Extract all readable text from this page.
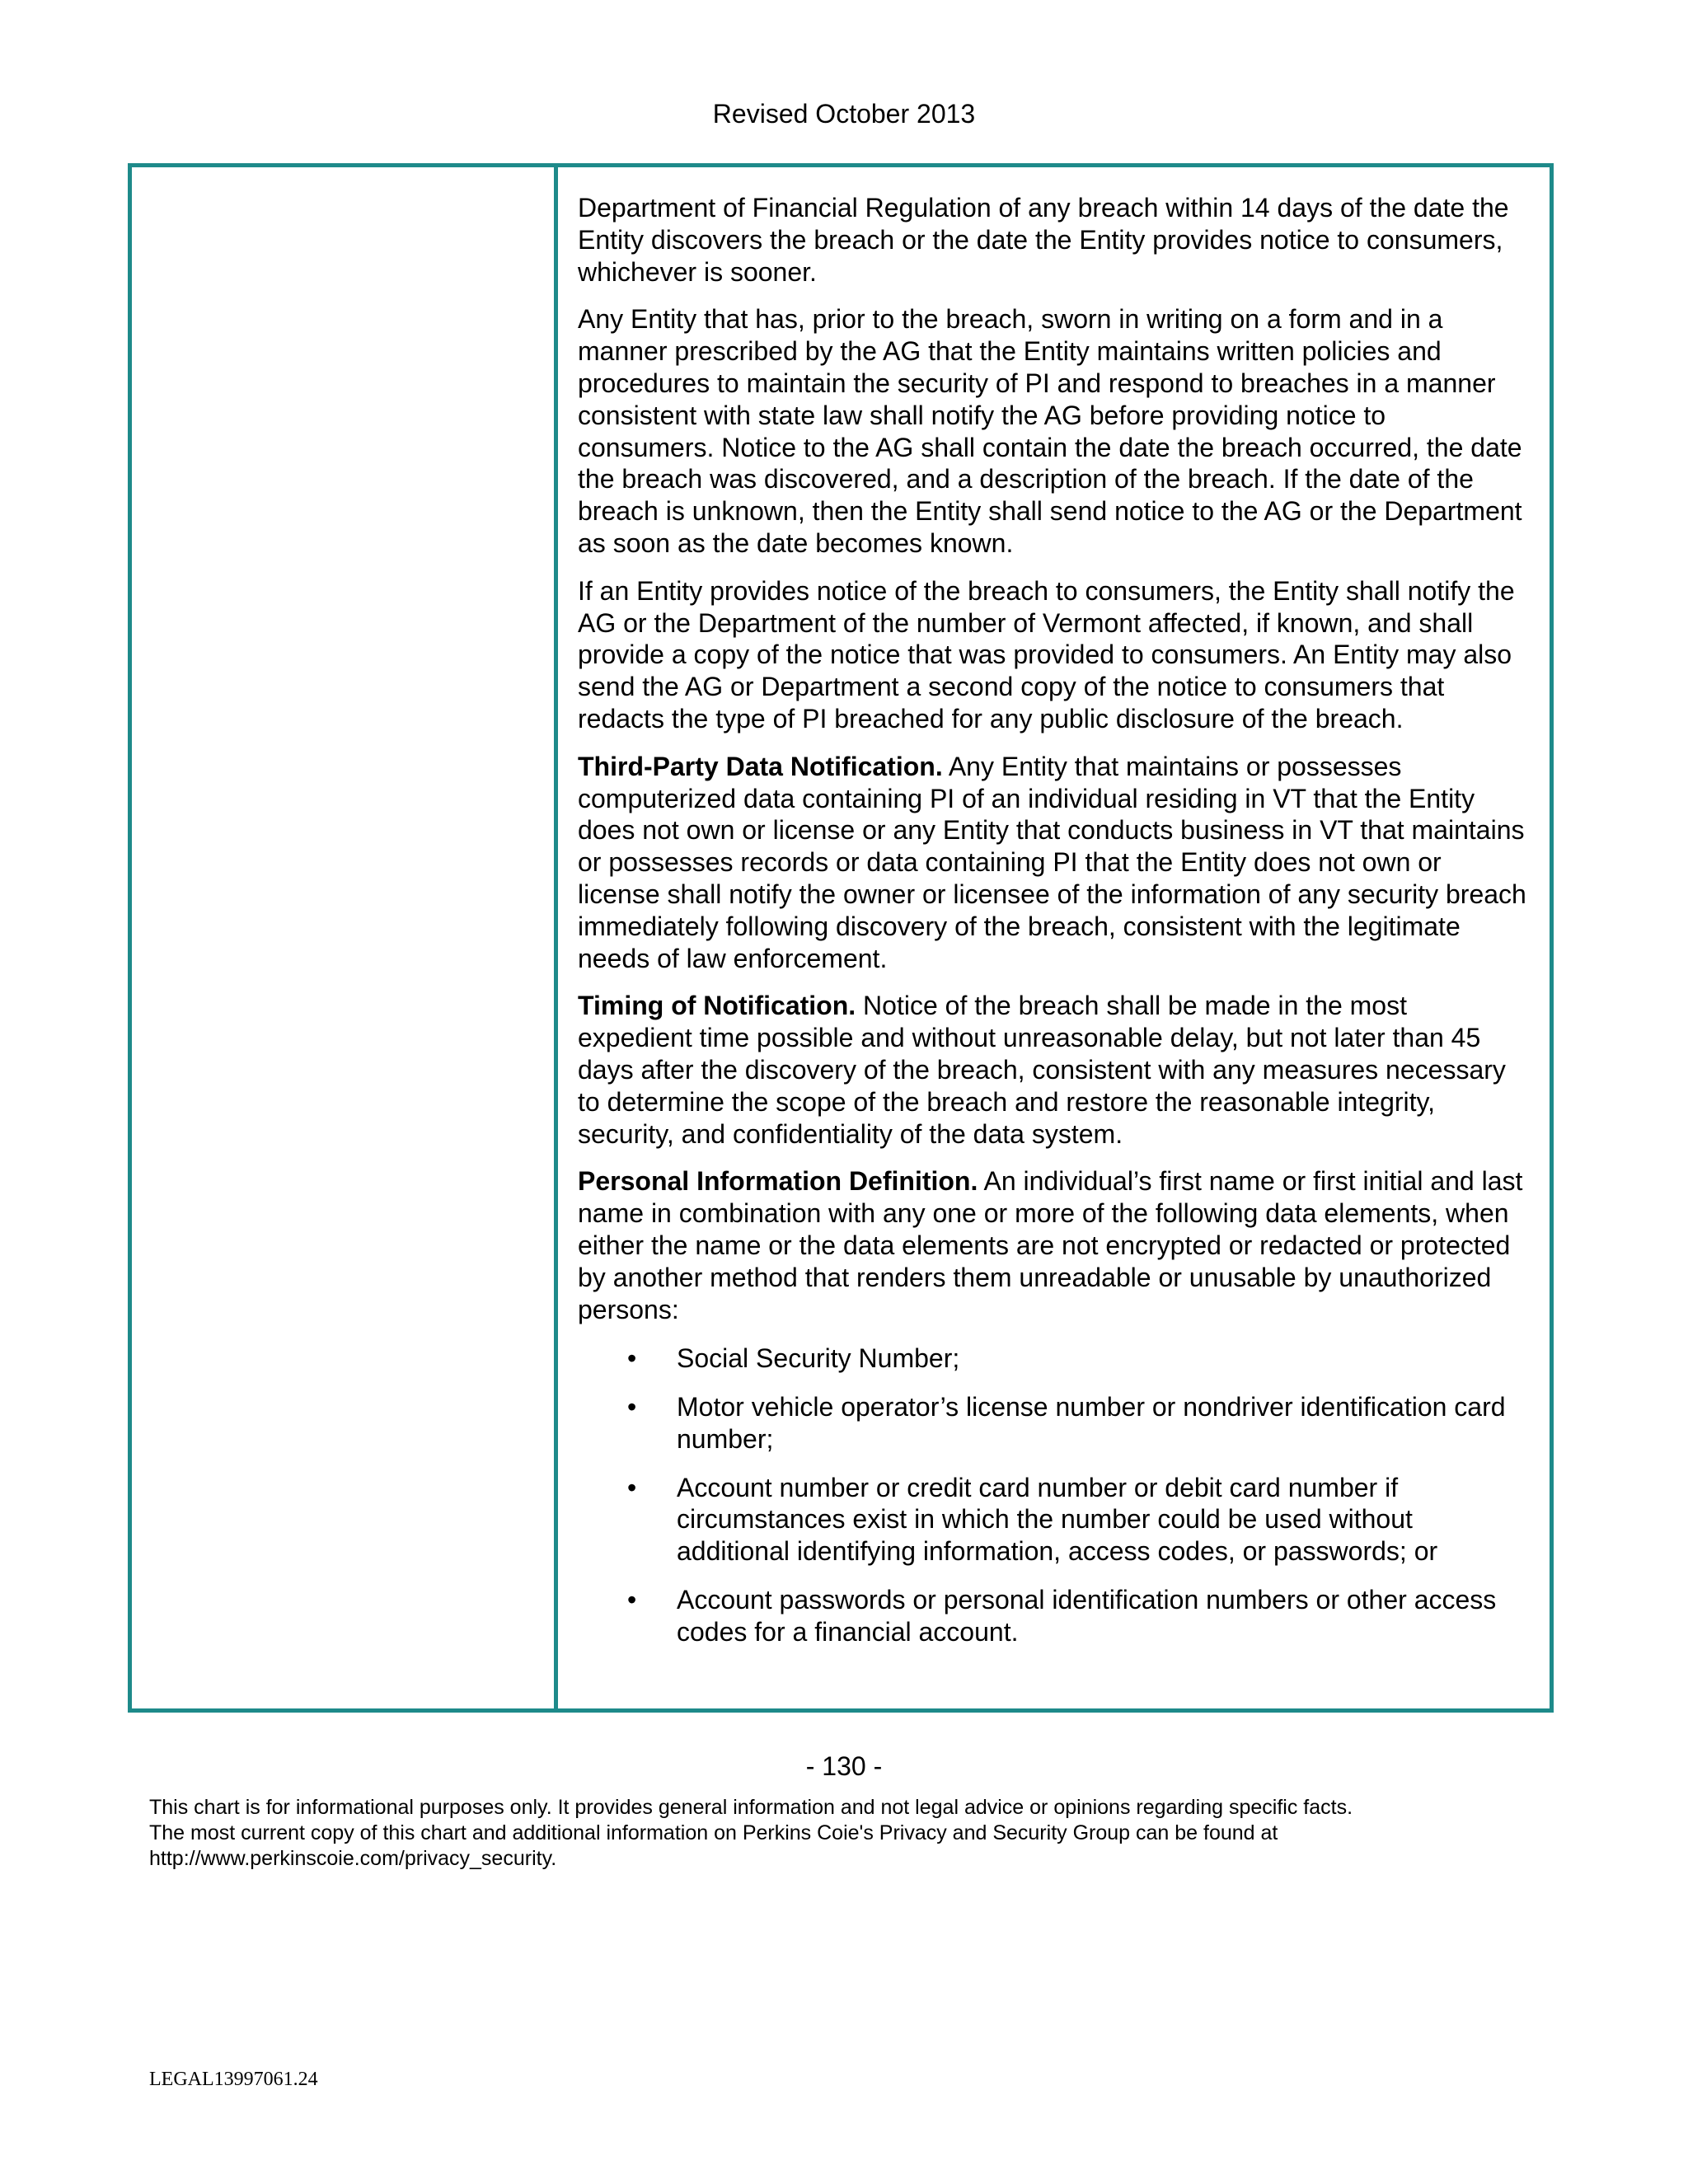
Revised October 2013

Department of Financial Regulation of any breach within 14 days of the date the Entity discovers the breach or the date the Entity provides notice to consumers, whichever is sooner.

Any Entity that has, prior to the breach, sworn in writing on a form and in a manner prescribed by the AG that the Entity maintains written policies and procedures to maintain the security of PI and respond to breaches in a manner consistent with state law shall notify the AG before providing notice to consumers. Notice to the AG shall contain the date the breach occurred, the date the breach was discovered, and a description of the breach. If the date of the breach is unknown, then the Entity shall send notice to the AG or the Department as soon as the date becomes known.

If an Entity provides notice of the breach to consumers, the Entity shall notify the AG or the Department of the number of Vermont affected, if known, and shall provide a copy of the notice that was provided to consumers. An Entity may also send the AG or Department a second copy of the notice to consumers that redacts the type of PI breached for any public disclosure of the breach.

Third-Party Data Notification. Any Entity that maintains or possesses computerized data containing PI of an individual residing in VT that the Entity does not own or license or any Entity that conducts business in VT that maintains or possesses records or data containing PI that the Entity does not own or license shall notify the owner or licensee of the information of any security breach immediately following discovery of the breach, consistent with the legitimate needs of law enforcement.

Timing of Notification. Notice of the breach shall be made in the most expedient time possible and without unreasonable delay, but not later than 45 days after the discovery of the breach, consistent with any measures necessary to determine the scope of the breach and restore the reasonable integrity, security, and confidentiality of the data system.

Personal Information Definition. An individual’s first name or first initial and last name in combination with any one or more of the following data elements, when either the name or the data elements are not encrypted or redacted or protected by another method that renders them unreadable or unusable by unauthorized persons:

• Social Security Number;
• Motor vehicle operator’s license number or nondriver identification card number;
• Account number or credit card number or debit card number if circumstances exist in which the number could be used without additional identifying information, access codes, or passwords; or
• Account passwords or personal identification numbers or other access codes for a financial account.
- 130 -
This chart is for informational purposes only. It provides general information and not legal advice or opinions regarding specific facts.
The most current copy of this chart and additional information on Perkins Coie's Privacy and Security Group can be found at
http://www.perkinscoie.com/privacy_security.
LEGAL13997061.24
